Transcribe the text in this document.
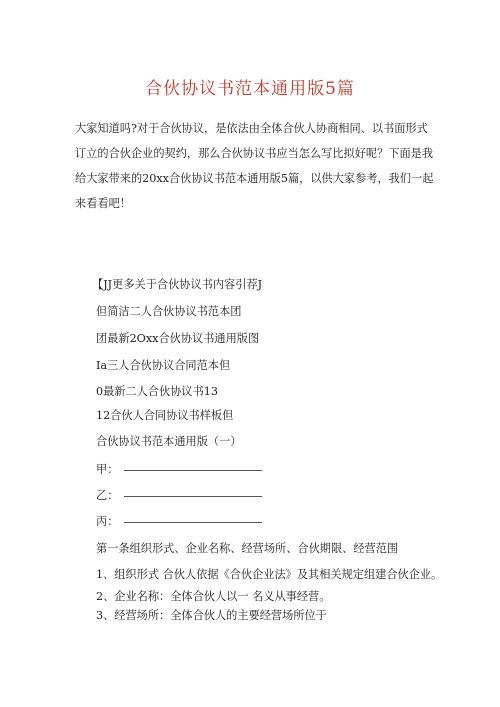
合伙协议书范本通用版5篇

大家知道吗?对于合伙协议，是依法由全体合伙人协商相同、以书面形式

订立的合伙企业的契约，那么合伙协议书应当怎么写比拟好呢？下面是我

给大家带来的20xx合伙协议书范本通用版5篇，以供大家参考，我们一起

来看看吧！

【JJ更多关于合伙协议书内容引荐J
但简洁二人合伙协议书范本团
团最新2Oxx合伙协议书通用版图
Ia三人合伙协议合同范本但
0最新二人合伙协议书13
12合伙人合同协议书样板但
合伙协议书范本通用版（一）
甲：
乙：
丙：
第一条组织形式、企业名称、经营场所、合伙期限、经营范围
1、组织形式 合伙人依据《合伙企业法》及其相关规定组建合伙企业。
2、企业名称：全体合伙人以一 名义从事经营。
3、经营场所：全体合伙人的主要经营场所位于
